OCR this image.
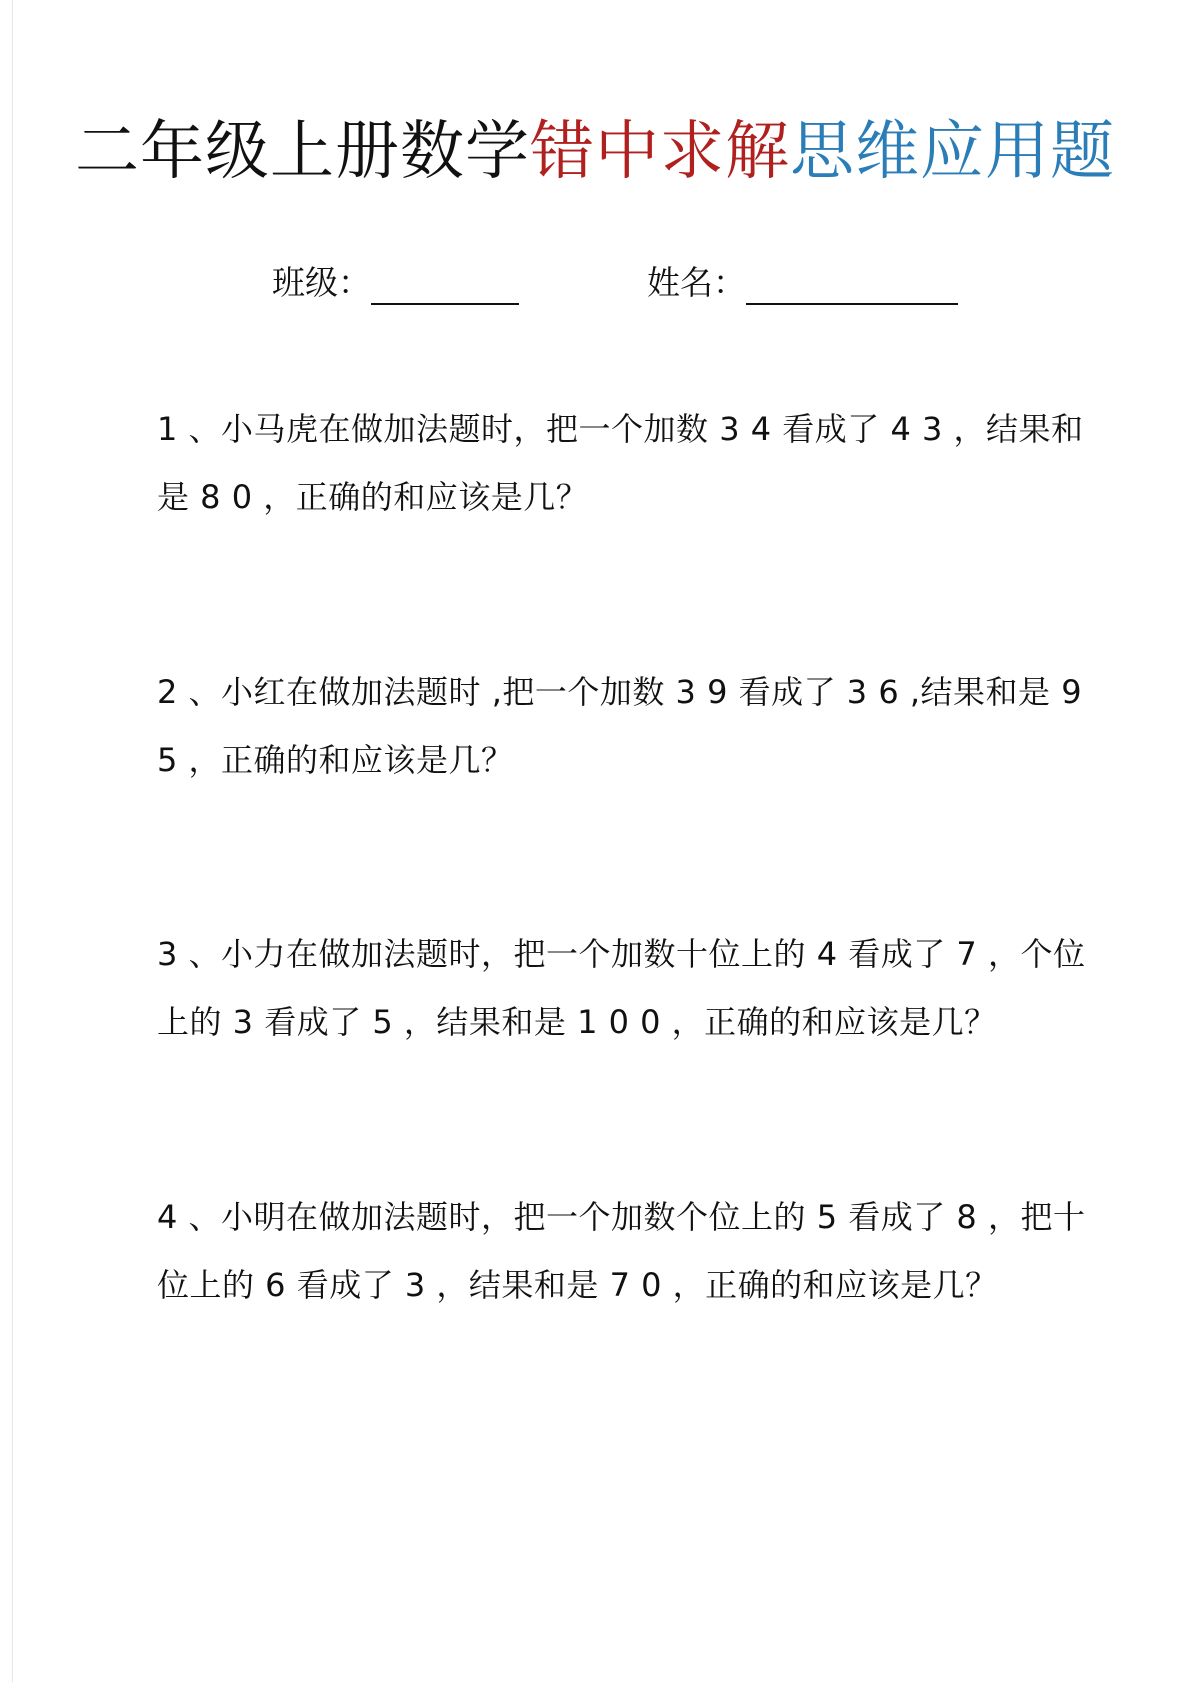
二年级上册数学错中求解思维应用题
班级：	姓名：
1 、小马虎在做加法题时，把一个加数 3 4 看成了 4 3 ，结果和是 8 0 ，正确的和应该是几？
2 、小红在做加法题时 ,把一个加数 3 9 看成了 3 6 ,结果和是 9 5 ，正确的和应该是几？
3 、小力在做加法题时，把一个加数十位上的 4 看成了 7 ，个位上的 3 看成了 5 ，结果和是 1 0 0 ，正确的和应该是几？
4 、小明在做加法题时，把一个加数个位上的 5 看成了 8 ，把十位上的 6 看成了 3 ，结果和是 7 0 ，正确的和应该是几？
